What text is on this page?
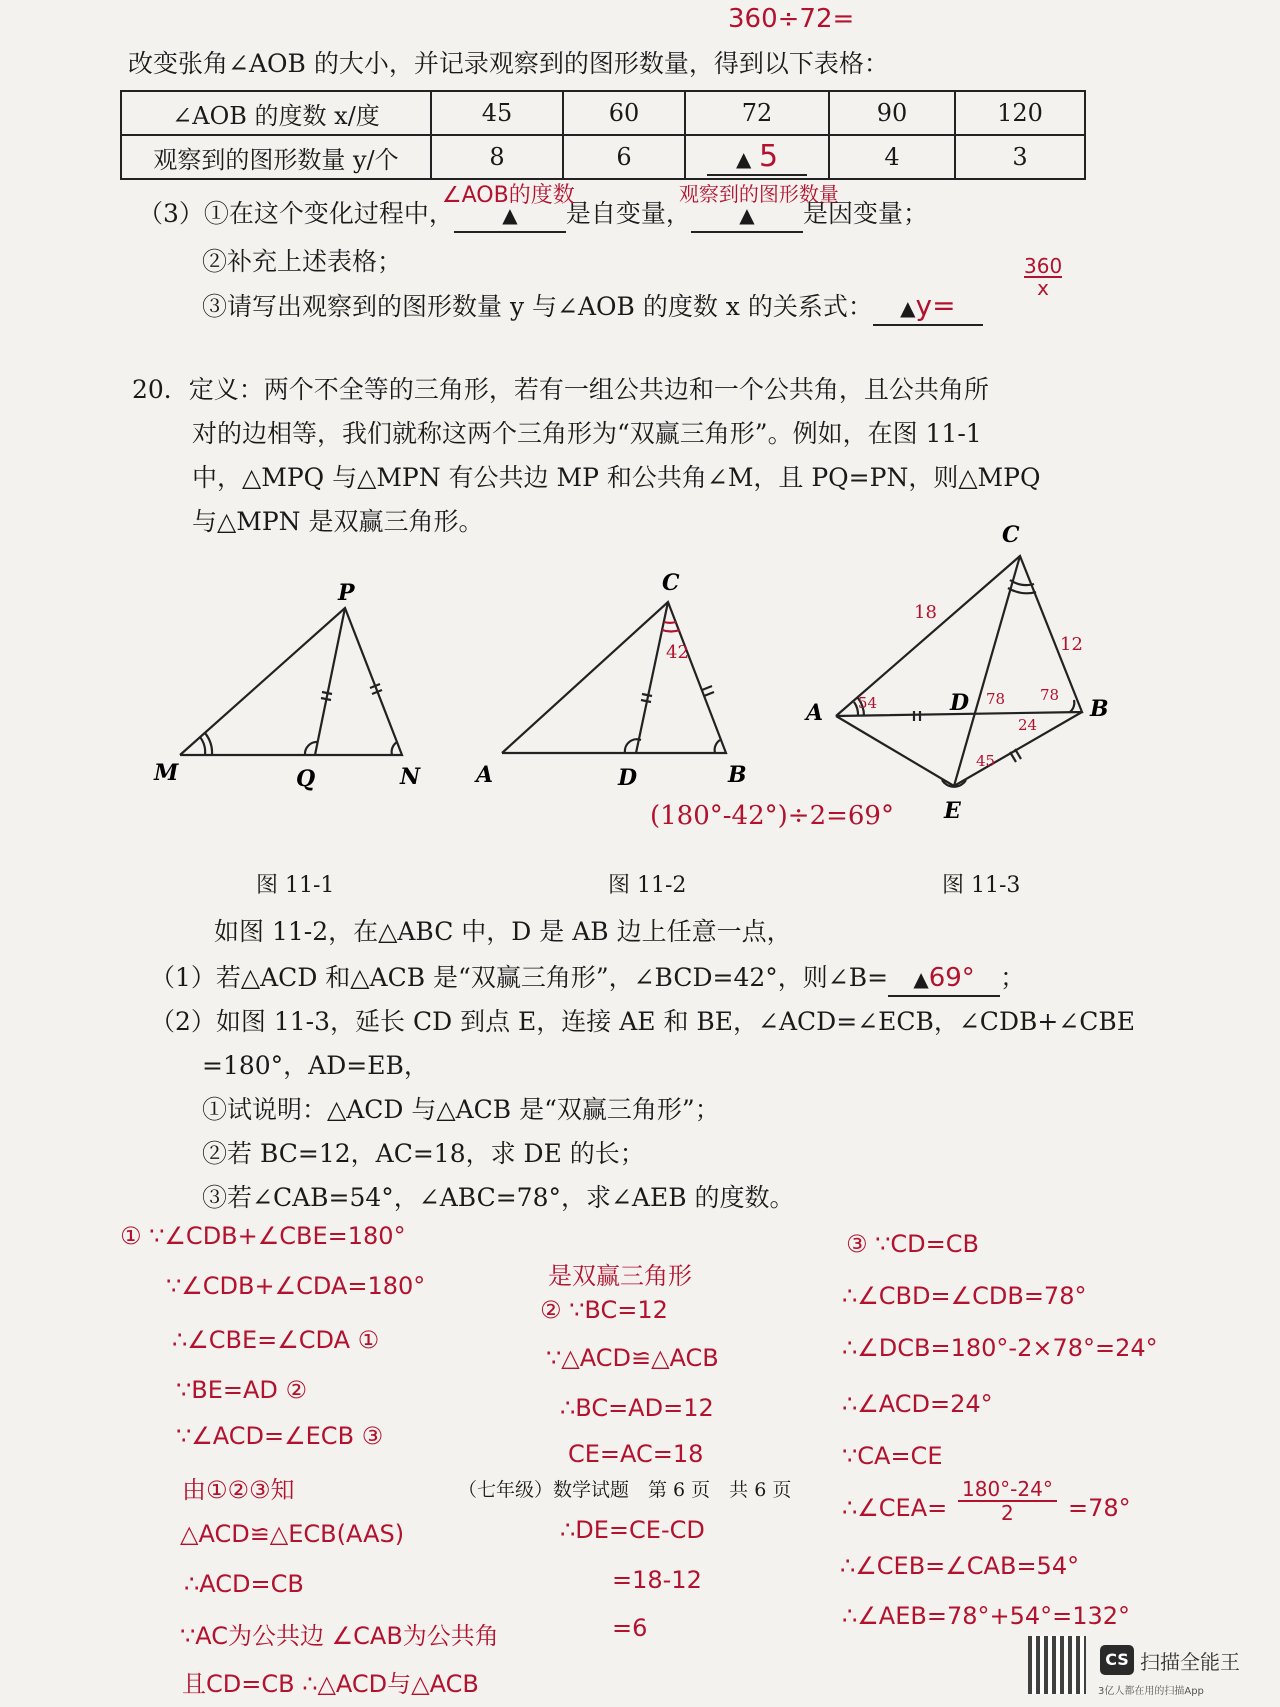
360÷72=
改变张角∠AOB 的大小，并记录观察到的图形数量，得到以下表格：
∠AOB 的度数 x/度	45	60	72	90	120
观察到的图形数量 y/个	8	6	▲ 5	4	3
（3）①在这个变化过程中， ▲
∠AOB的度数
是自变量， ▲
观察到的图形数量
是因变量；
②补充上述表格；
③请写出观察到的图形数量 y 与∠AOB 的度数 x 的关系式： ▲y=
$\frac{360}{x}$
20．定义：两个不全等的三角形，若有一组公共边和一个公共角，且公共角所
对的边相等，我们就称这两个三角形为“双赢三角形”。例如，在图 11-1
中，△MPQ 与△MPN 有公共边 MP 和公共角∠M，且 PQ=PN，则△MPQ
与△MPN 是双赢三角形。
P
M	Q	N
C
A	D	B
42
(180°-42°)÷2=69°
C
A	D	B
E
18
12
54	78 78
24
45
图 11-1	图 11-2	图 11-3
如图 11-2，在△ABC 中，D 是 AB 边上任意一点，
（1）若△ACD 和△ACB 是“双赢三角形”，∠BCD=42°，则∠B= ▲69° ；
（2）如图 11-3，延长 CD 到点 E，连接 AE 和 BE，∠ACD=∠ECB，∠CDB+∠CBE
=180°，AD=EB，
①试说明：△ACD 与△ACB 是“双赢三角形”；
②若 BC=12，AC=18，求 DE 的长；
③若∠CAB=54°，∠ABC=78°，求∠AEB 的度数。
① ∵∠CDB+∠CBE=180°
∵∠CDB+∠CDA=180°
∴∠CBE=∠CDA ①
∵BE=AD ②
∵∠ACD=∠ECB ③
由①②③知
△ACD≌△ECB(AAS)
∴ACD=CB
∵AC为公共边 ∠CAB为公共角
且CD=CB ∴△ACD与△ACB
是双赢三角形
② ∵BC=12
∵△ACD≌△ACB
∴BC=AD=12
CE=AC=18
∴DE=CE-CD
=18-12
=6
③ ∵CD=CB
∴∠CBD=∠CDB=78°
∴∠DCB=180°-2×78°=24°
∴∠ACD=24°
∵CA=CE
∴∠CEA= $\frac{180^\circ-24^\circ}{2} =78^\circ$
∴∠CEB=∠CAB=54°
∴∠AEB=78°+54°=132°
（七年级）数学试题　第 6 页　共 6 页
CS 扫描全能王
3亿人都在用的扫描App
